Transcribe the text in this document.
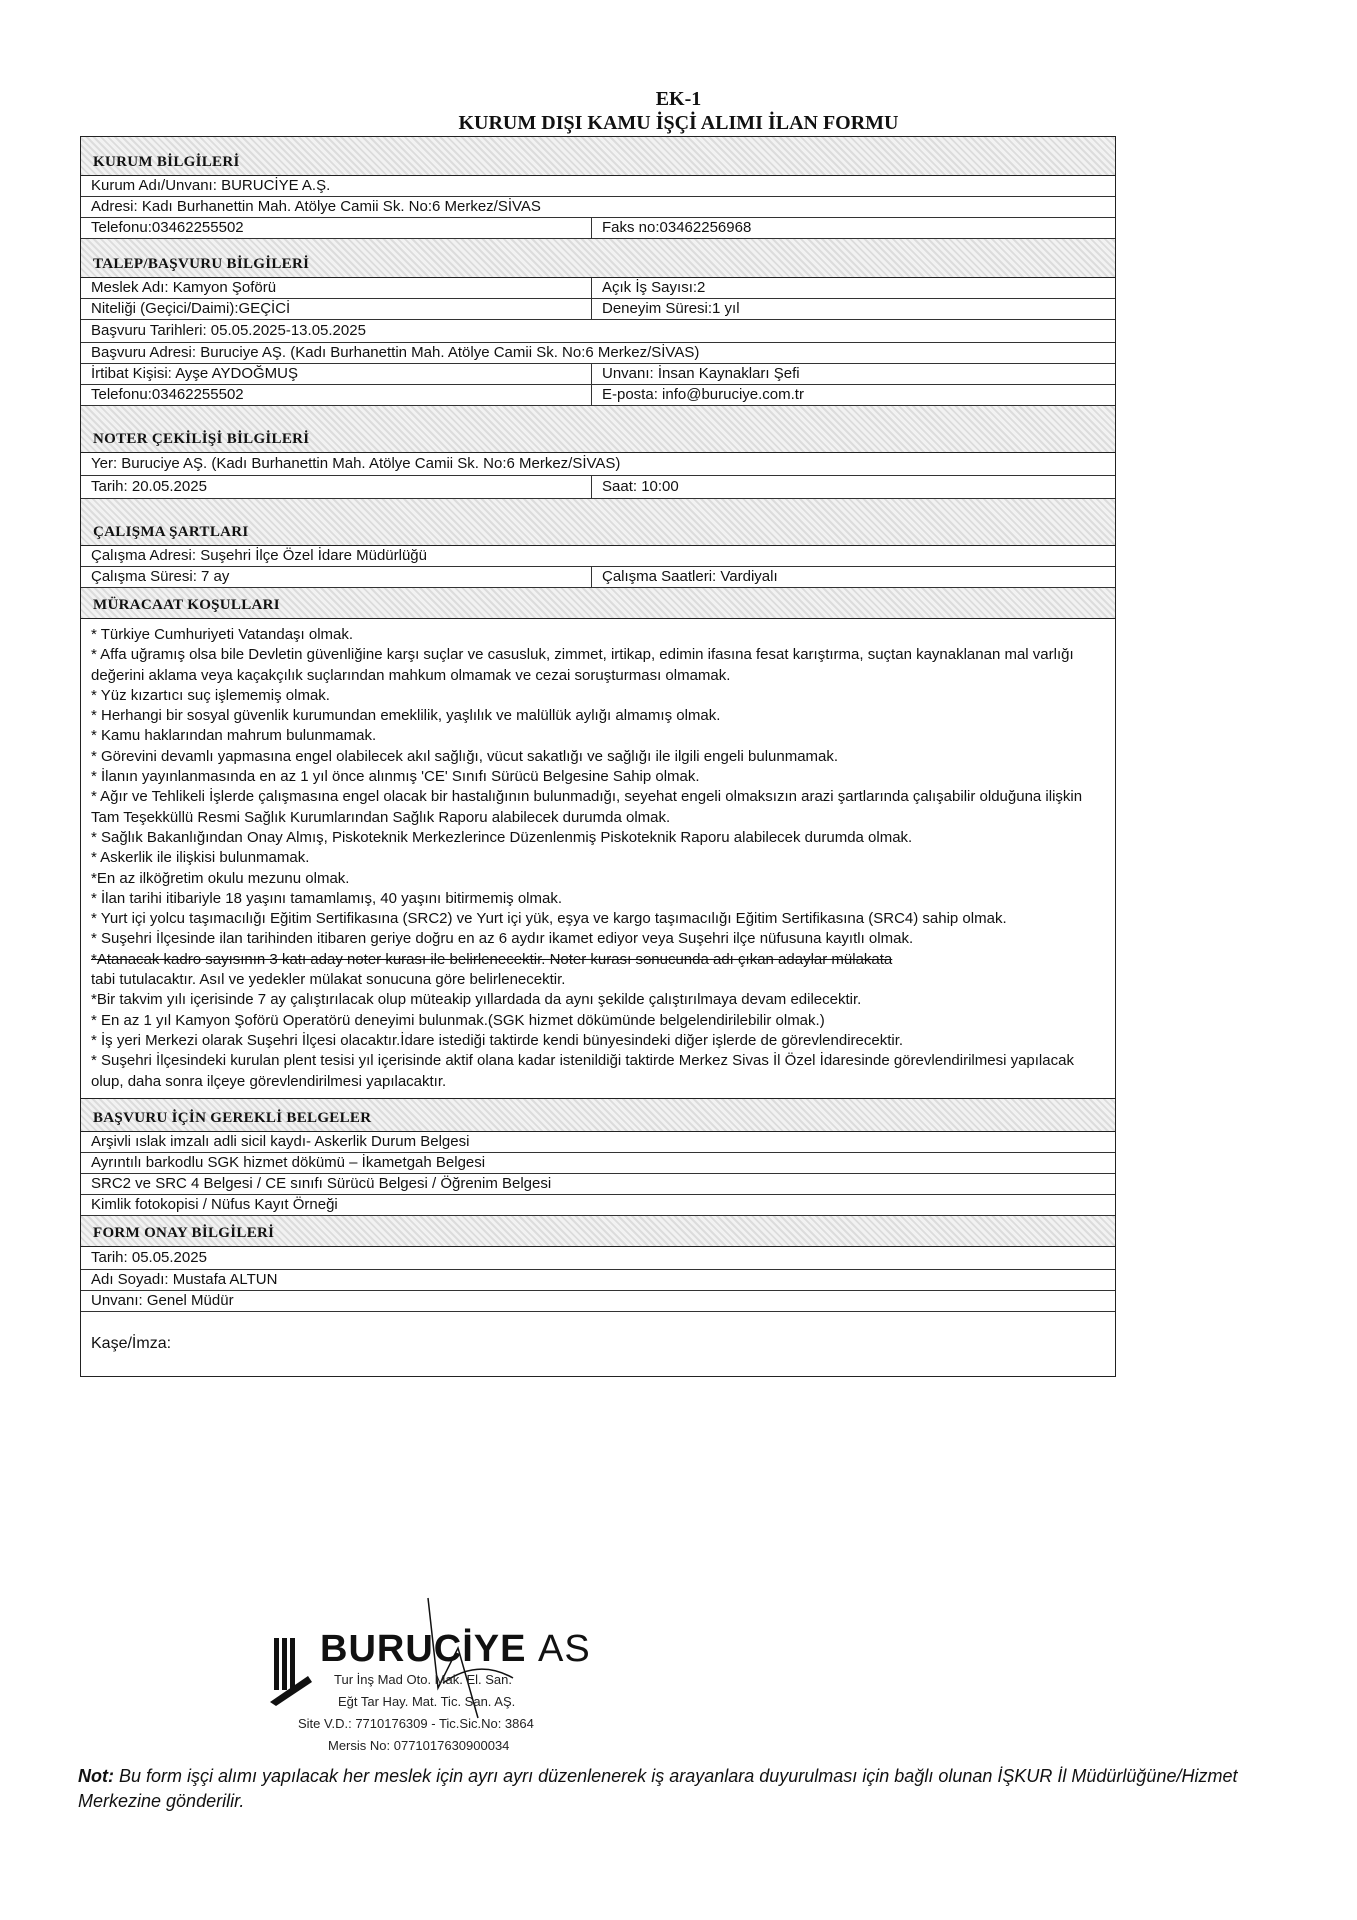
EK-1
KURUM DIŞI KAMU İŞÇİ ALIMI İLAN FORMU
KURUM BİLGİLERİ
Kurum Adı/Unvanı: BURUCİYE A.Ş.
Adresi: Kadı Burhanettin Mah. Atölye Camii Sk. No:6 Merkez/SİVAS
Telefonu:03462255502	Faks no:03462256968
TALEP/BAŞVURU BİLGİLERİ
Meslek Adı: Kamyon Şoförü	Açık İş Sayısı:2
Niteliği (Geçici/Daimi):GEÇİCİ	Deneyim Süresi:1 yıl
Başvuru Tarihleri: 05.05.2025-13.05.2025
Başvuru Adresi: Buruciye AŞ. (Kadı Burhanettin Mah. Atölye Camii Sk. No:6 Merkez/SİVAS)
İrtibat Kişisi: Ayşe AYDOĞMUŞ	Unvanı: İnsan Kaynakları Şefi
Telefonu:03462255502	E-posta: info@buruciye.com.tr
NOTER ÇEKİLİŞİ BİLGİLERİ
Yer: Buruciye AŞ. (Kadı Burhanettin Mah. Atölye Camii Sk. No:6 Merkez/SİVAS)
Tarih: 20.05.2025	Saat: 10:00
ÇALIŞMA ŞARTLARI
Çalışma Adresi: Suşehri İlçe Özel İdare Müdürlüğü
Çalışma Süresi: 7 ay	Çalışma Saatleri: Vardiyalı
MÜRACAAT KOŞULLARI

* Türkiye Cumhuriyeti Vatandaşı olmak.

* Affa uğramış olsa bile Devletin güvenliğine karşı suçlar ve casusluk, zimmet, irtikap, edimin ifasına fesat karıştırma, suçtan kaynaklanan mal varlığı değerini aklama veya kaçakçılık suçlarından mahkum olmamak ve cezai soruşturması olmamak.

* Yüz kızartıcı suç işlememiş olmak.

* Herhangi bir sosyal güvenlik kurumundan emeklilik, yaşlılık ve malüllük aylığı almamış olmak.

* Kamu haklarından mahrum bulunmamak.

* Görevini devamlı yapmasına engel olabilecek akıl sağlığı, vücut sakatlığı ve sağlığı ile ilgili engeli bulunmamak.

* İlanın yayınlanmasında en az 1 yıl önce alınmış 'CE' Sınıfı Sürücü Belgesine Sahip olmak.

* Ağır ve Tehlikeli İşlerde çalışmasına engel olacak bir hastalığının bulunmadığı, seyehat engeli olmaksızın arazi şartlarında çalışabilir olduğuna ilişkin Tam Teşekküllü Resmi Sağlık Kurumlarından Sağlık Raporu alabilecek durumda olmak.

* Sağlık Bakanlığından Onay Almış, Piskoteknik Merkezlerince Düzenlenmiş Piskoteknik Raporu alabilecek durumda olmak.

* Askerlik ile ilişkisi bulunmamak.

*En az ilköğretim okulu mezunu olmak.

* İlan tarihi itibariyle 18 yaşını tamamlamış, 40 yaşını bitirmemiş olmak.

* Yurt içi yolcu taşımacılığı Eğitim Sertifikasına (SRC2) ve Yurt içi yük, eşya ve kargo taşımacılığı Eğitim Sertifikasına (SRC4) sahip olmak.

* Suşehri İlçesinde ilan tarihinden itibaren geriye doğru en az 6 aydır ikamet ediyor veya Suşehri ilçe nüfusuna kayıtlı olmak.

*Atanacak kadro sayısının 3 katı aday noter kurası ile belirlenecektir. Noter kurası sonucunda adı çıkan adaylar mülakata

tabi tutulacaktır. Asıl ve yedekler mülakat sonucuna göre belirlenecektir.

*Bir takvim yılı içerisinde 7 ay çalıştırılacak olup müteakip yıllardada da aynı şekilde çalıştırılmaya devam edilecektir.

* En az 1 yıl Kamyon Şoförü Operatörü deneyimi bulunmak.(SGK hizmet dökümünde belgelendirilebilir olmak.)

* İş yeri Merkezi olarak Suşehri İlçesi olacaktır.İdare istediği taktirde kendi bünyesindeki diğer işlerde de görevlendirecektir.

* Suşehri İlçesindeki kurulan plent tesisi yıl içerisinde aktif olana kadar istenildiği taktirde Merkez Sivas İl Özel İdaresinde görevlendirilmesi yapılacak olup, daha sonra ilçeye görevlendirilmesi yapılacaktır.

BAŞVURU İÇİN GEREKLİ BELGELER
Arşivli ıslak imzalı adli sicil kaydı- Askerlik Durum Belgesi
Ayrıntılı barkodlu SGK hizmet dökümü – İkametgah Belgesi
SRC2 ve SRC 4 Belgesi / CE sınıfı Sürücü Belgesi / Öğrenim Belgesi
Kimlik fotokopisi / Nüfus Kayıt Örneği
FORM ONAY BİLGİLERİ
Tarih: 05.05.2025
Adı Soyadı: Mustafa ALTUN
Unvanı: Genel Müdür
Kaşe/İmza:
BURUCİYE AS
Tur İnş Mad Oto. Mak. El. San.
Eğt Tar Hay. Mat. Tic. San. AŞ.
Site V.D.: 7710176309 - Tic.Sic.No: 3864
Mersis No: 0771017630900034
Not: Bu form işçi alımı yapılacak her meslek için ayrı ayrı düzenlenerek iş arayanlara duyurulması için bağlı olunan İŞKUR İl Müdürlüğüne/Hizmet Merkezine gönderilir.
